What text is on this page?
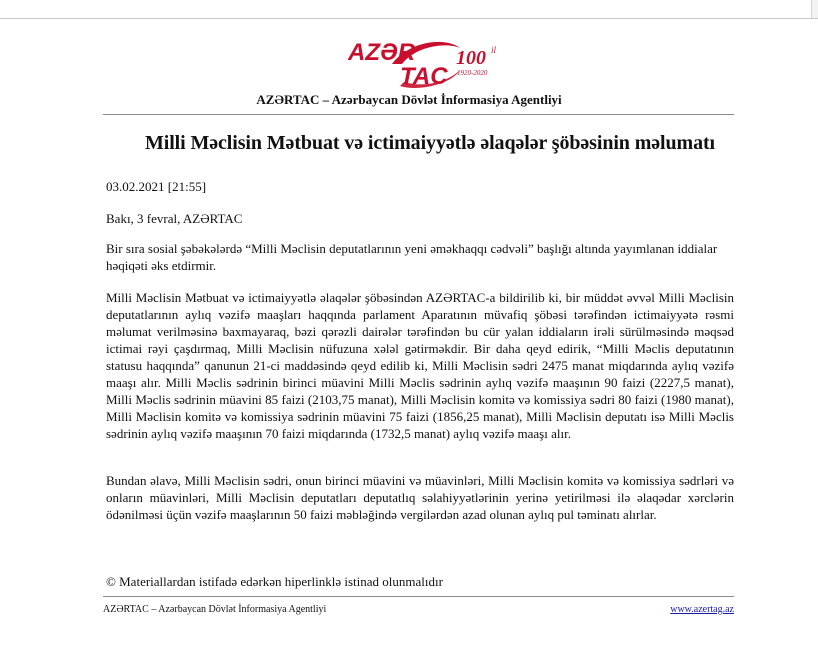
AZƏR
TAC
100 il
1920-2020
AZƏRTAC – Azərbaycan Dövlət İnformasiya Agentliyi
Milli Məclisin Mətbuat və ictimaiyyətlə əlaqələr şöbəsinin məlumatı
03.02.2021 [21:55]
Bakı, 3 fevral, AZƏRTAC
Bir sıra sosial şəbəkələrdə “Milli Məclisin deputatlarının yeni əməkhaqqı cədvəli” başlığı altında yayımlanan iddialar həqiqəti əks etdirmir.
Milli Məclisin Mətbuat və ictimaiyyətlə əlaqələr şöbəsindən AZƏRTAC-a bildirilib ki, bir müddət əvvəl Milli Məclisin deputatlarının aylıq vəzifə maaşları haqqında parlament Aparatının müvafiq şöbəsi tərəfindən ictimaiyyətə rəsmi məlumat verilməsinə baxmayaraq, bəzi qərəzli dairələr tərəfindən bu cür yalan iddiaların irəli sürülməsində məqsəd ictimai rəyi çaşdırmaq, Milli Məclisin nüfuzuna xələl gətirməkdir. Bir daha qeyd edirik, “Milli Məclis deputatının statusu haqqında” qanunun 21-ci maddəsində qeyd edilib ki, Milli Məclisin sədri 2475 manat miqdarında aylıq vəzifə maaşı alır. Milli Məclis sədrinin birinci müavini Milli Məclis sədrinin aylıq vəzifə maaşının 90 faizi (2227,5 manat), Milli Məclis sədrinin müavini 85 faizi (2103,75 manat), Milli Məclisin komitə və komissiya sədri 80 faizi (1980 manat), Milli Məclisin komitə və komissiya sədrinin müavini 75 faizi (1856,25 manat), Milli Məclisin deputatı isə Milli Məclis sədrinin aylıq vəzifə maaşının 70 faizi miqdarında (1732,5 manat) aylıq vəzifə maaşı alır.
Bundan əlavə, Milli Məclisin sədri, onun birinci müavini və müavinləri, Milli Məclisin komitə və komissiya sədrləri və onların müavinləri, Milli Məclisin deputatları deputatlıq səlahiyyətlərinin yerinə yetirilməsi ilə əlaqədar xərclərin ödənilməsi üçün vəzifə maaşlarının 50 faizi məbləğində vergilərdən azad olunan aylıq pul təminatı alırlar.
© Materiallardan istifadə edərkən hiperlinklə istinad olunmalıdır
AZƏRTAC – Azərbaycan Dövlət İnformasiya Agentliyi	www.azertag.az
